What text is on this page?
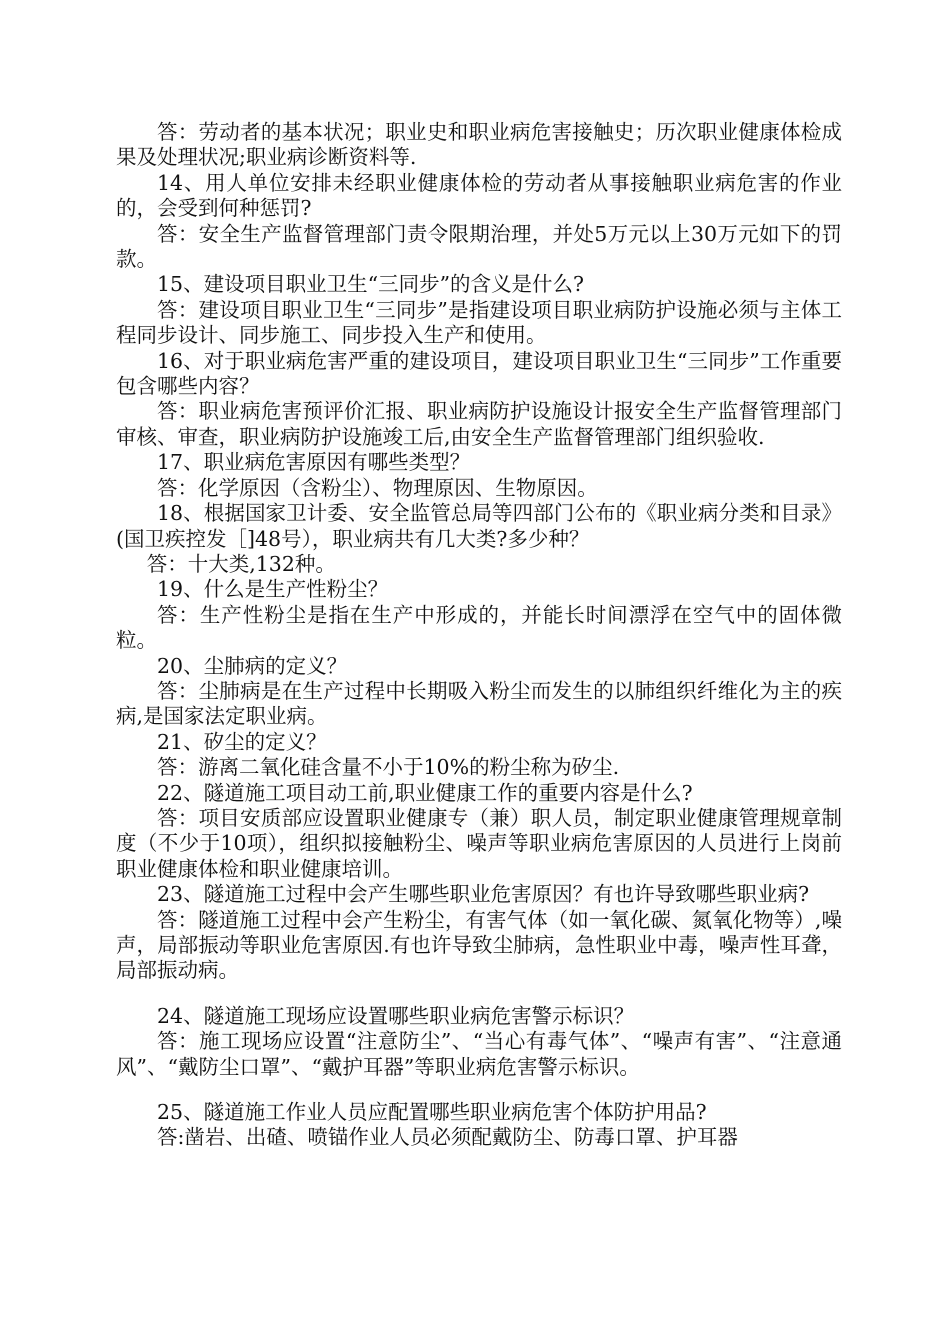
答：劳动者的基本状况；职业史和职业病危害接触史；历次职业健康体检成果及处理状况;职业病诊断资料等.

14、用人单位安排未经职业健康体检的劳动者从事接触职业病危害的作业的，会受到何种惩罚?

答：安全生产监督管理部门责令限期治理，并处5万元以上30万元如下的罚款。

15、建设项目职业卫生“三同步”的含义是什么?

答：建设项目职业卫生“三同步”是指建设项目职业病防护设施必须与主体工程同步设计、同步施工、同步投入生产和使用。

16、对于职业病危害严重的建设项目，建设项目职业卫生“三同步”工作重要包含哪些内容？

答：职业病危害预评价汇报、职业病防护设施设计报安全生产监督管理部门审核、审查，职业病防护设施竣工后,由安全生产监督管理部门组织验收.

17、职业病危害原因有哪些类型？

答：化学原因（含粉尘）、物理原因、生物原因。

18、根据国家卫计委、安全监管总局等四部门公布的《职业病分类和目录》(国卫疾控发［]48号），职业病共有几大类?多少种？

答：十大类,132种。

19、什么是生产性粉尘？

答：生产性粉尘是指在生产中形成的，并能长时间漂浮在空气中的固体微粒。

20、尘肺病的定义？

答：尘肺病是在生产过程中长期吸入粉尘而发生的以肺组织纤维化为主的疾病,是国家法定职业病。

21、矽尘的定义？

答：游离二氧化硅含量不小于10%的粉尘称为矽尘.

22、隧道施工项目动工前,职业健康工作的重要内容是什么?

答：项目安质部应设置职业健康专（兼）职人员，制定职业健康管理规章制度（不少于10项），组织拟接触粉尘、噪声等职业病危害原因的人员进行上岗前职业健康体检和职业健康培训。

23、隧道施工过程中会产生哪些职业危害原因？有也许导致哪些职业病?

答：隧道施工过程中会产生粉尘，有害气体（如一氧化碳、氮氧化物等）,噪声，局部振动等职业危害原因.有也许导致尘肺病，急性职业中毒，噪声性耳聋，局部振动病。

24、隧道施工现场应设置哪些职业病危害警示标识？

答：施工现场应设置“注意防尘”、“当心有毒气体”、“噪声有害”、“注意通风”、“戴防尘口罩”、“戴护耳器”等职业病危害警示标识。

25、隧道施工作业人员应配置哪些职业病危害个体防护用品?

答:凿岩、出碴、喷锚作业人员必须配戴防尘、防毒口罩、护耳器
